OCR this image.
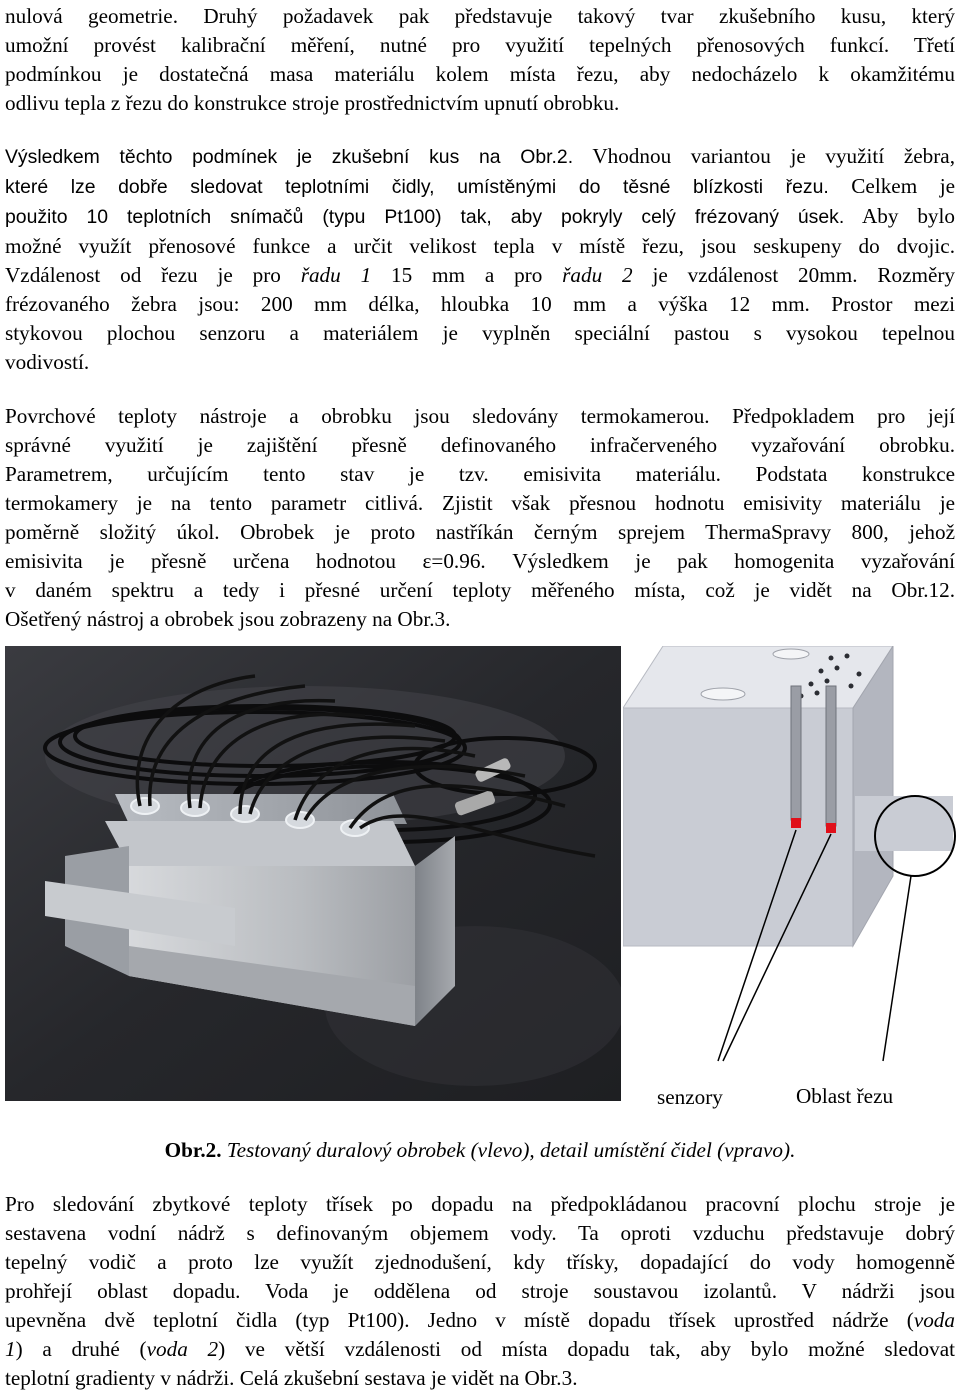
nulová geometrie. Druhý požadavek pak představuje takový tvar zkušebního kusu, který
umožní provést kalibrační měření, nutné pro využití tepelných přenosových funkcí. Třetí
podmínkou je dostatečná masa materiálu kolem místa řezu, aby nedocházelo k okamžitému
odlivu tepla z řezu do konstrukce stroje prostřednictvím upnutí obrobku.
Výsledkem těchto podmínek je zkušební kus na Obr.2. Vhodnou variantou je využití žebra,
které lze dobře sledovat teplotními čidly, umístěnými do těsné blízkosti řezu. Celkem je
použito 10 teplotních snímačů (typu Pt100) tak, aby pokryly celý frézovaný úsek. Aby bylo
možné využít přenosové funkce a určit velikost tepla v místě řezu, jsou seskupeny do dvojic.
Vzdálenost od řezu je pro řadu 1 15 mm a pro řadu 2 je vzdálenost 20mm. Rozměry
frézovaného žebra jsou: 200 mm délka, hloubka 10 mm a výška 12 mm. Prostor mezi
stykovou plochou senzoru a materiálem je vyplněn speciální pastou s vysokou tepelnou
vodivostí.
Povrchové teploty nástroje a obrobku jsou sledovány termokamerou. Předpokladem pro její
správné využití je zajištění přesně definovaného infračerveného vyzařování obrobku.
Parametrem, určujícím tento stav je tzv. emisivita materiálu. Podstata konstrukce
termokamery je na tento parametr citlivá. Zjistit však přesnou hodnotu emisivity materiálu je
poměrně složitý úkol. Obrobek je proto nastříkán černým sprejem ThermaSpravy 800, jehož
emisivita je přesně určena hodnotou ε=0.96. Výsledkem je pak homogenita vyzařování
v daném spektru a tedy i přesné určení teploty měřeného místa, což je vidět na Obr.12.
Ošetřený nástroj a obrobek jsou zobrazeny na Obr.3.
senzory	Oblast řezu
Obr.2. Testovaný duralový obrobek (vlevo), detail umístění čidel (vpravo).
Pro sledování zbytkové teploty třísek po dopadu na předpokládanou pracovní plochu stroje je
sestavena vodní nádrž s definovaným objemem vody. Ta oproti vzduchu představuje dobrý
tepelný vodič a proto lze využít zjednodušení, kdy třísky, dopadající do vody homogenně
prohřejí oblast dopadu. Voda je oddělena od stroje soustavou izolantů. V nádrži jsou
upevněna dvě teplotní čidla (typ Pt100). Jedno v místě dopadu třísek uprostřed nádrže (voda
1) a druhé (voda 2) ve větší vzdálenosti od místa dopadu tak, aby bylo možné sledovat
teplotní gradienty v nádrži. Celá zkušební sestava je vidět na Obr.3.
